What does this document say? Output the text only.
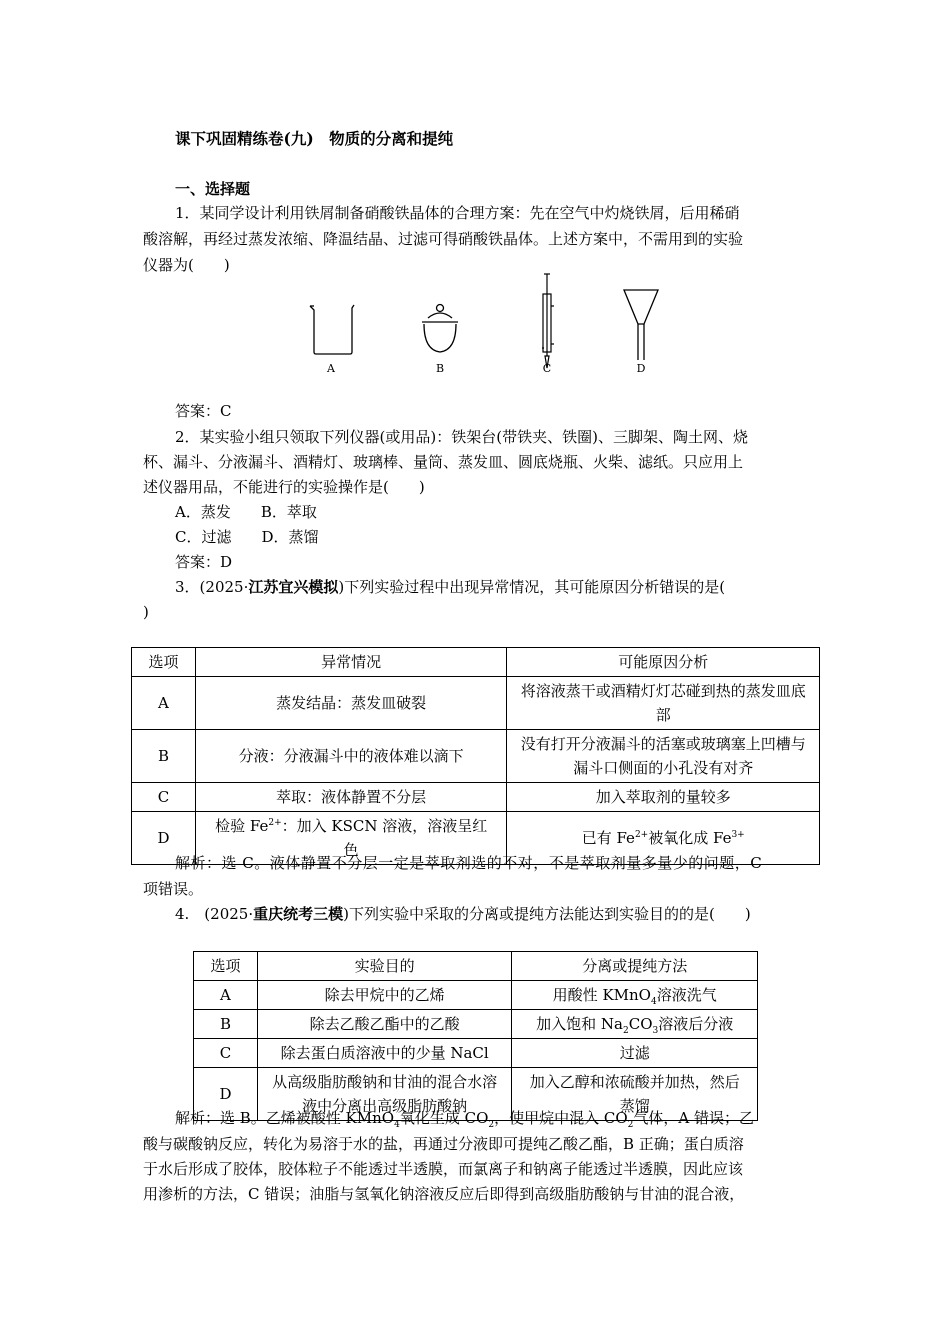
课下巩固精练卷(九)　物质的分离和提纯
一、选择题
1．某同学设计利用铁屑制备硝酸铁晶体的合理方案：先在空气中灼烧铁屑，后用稀硝
酸溶解，再经过蒸发浓缩、降温结晶、过滤可得硝酸铁晶体。上述方案中，不需用到的实验
仪器为(　　)
A	B	C	D
答案：C
2．某实验小组只领取下列仪器(或用品)：铁架台(带铁夹、铁圈)、三脚架、陶土网、烧
杯、漏斗、分液漏斗、酒精灯、玻璃棒、量筒、蒸发皿、圆底烧瓶、火柴、滤纸。只应用上
述仪器用品，不能进行的实验操作是(　　)
A．蒸发　　B．萃取
C．过滤　　D．蒸馏
答案：D
3．(2025·江苏宜兴模拟)下列实验过程中出现异常情况，其可能原因分析错误的是(
)
选项	异常情况	可能原因分析
A	蒸发结晶：蒸发皿破裂	将溶液蒸干或酒精灯灯芯碰到热的蒸发皿底部
B	分液：分液漏斗中的液体难以滴下	没有打开分液漏斗的活塞或玻璃塞上凹槽与漏斗口侧面的小孔没有对齐
C	萃取：液体静置不分层	加入萃取剂的量较多
D	检验 $Fe^{2+}$：加入 KSCN 溶液，溶液呈红色	已有 $Fe^{2+}$被氧化成 $Fe^{3+}$
解析：选 C。液体静置不分层一定是萃取剂选的不对，不是萃取剂量多量少的问题，C
项错误。
4.　(2025·重庆统考三模)下列实验中采取的分离或提纯方法能达到实验目的的是(　　)
选项	实验目的	分离或提纯方法
A	除去甲烷中的乙烯	用酸性 KMnO$_4$溶液洗气
B	除去乙酸乙酯中的乙酸	加入饱和 $Na_2CO_3$溶液后分液
C	除去蛋白质溶液中的少量 NaCl	过滤
D	从高级脂肪酸钠和甘油的混合水溶液中分离出高级脂肪酸钠	加入乙醇和浓硫酸并加热，然后蒸馏
解析：选 B。乙烯被酸性 KMnO$_4$氧化生成 $CO_2$，使甲烷中混入 $CO_2$气体，A 错误；乙
酸与碳酸钠反应，转化为易溶于水的盐，再通过分液即可提纯乙酸乙酯，B 正确；蛋白质溶
于水后形成了胶体，胶体粒子不能透过半透膜，而氯离子和钠离子能透过半透膜，因此应该
用渗析的方法，C 错误；油脂与氢氧化钠溶液反应后即得到高级脂肪酸钠与甘油的混合液，
